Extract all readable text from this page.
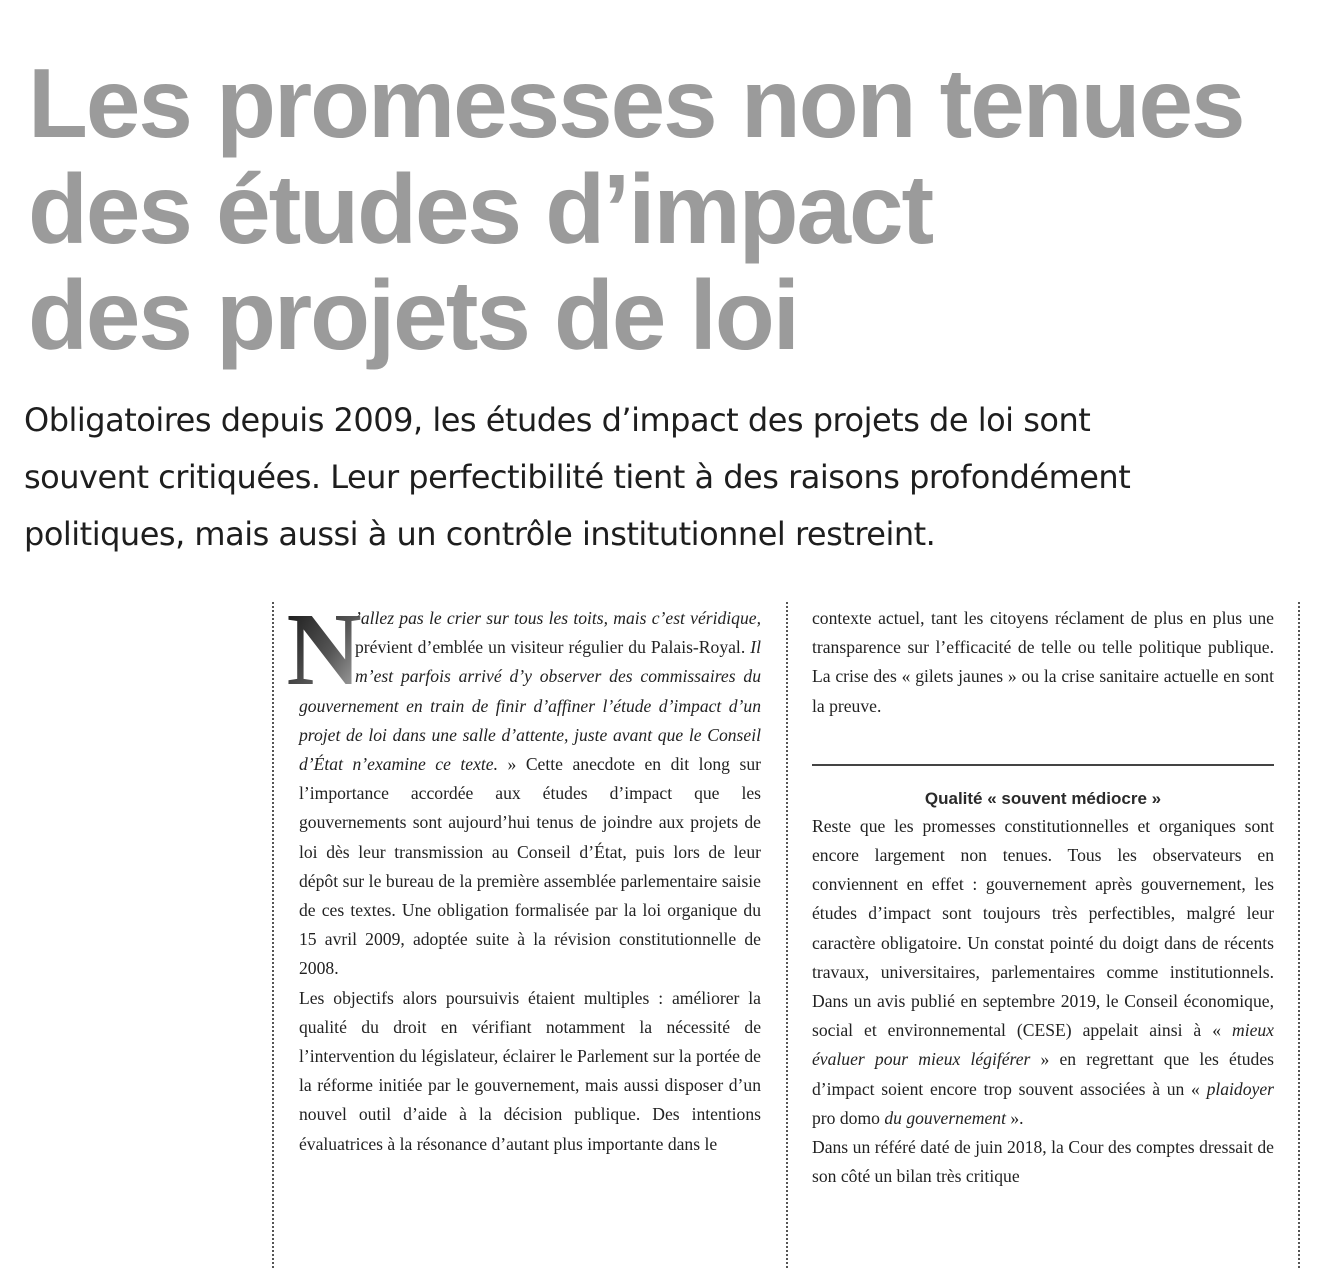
Les promesses non tenues
des études d’impact
des projets de loi

Obligatoires depuis 2009, les études d’impact des projets de loi sont
souvent critiquées. Leur perfectibilité tient à des raisons profondément
politiques, mais aussi à un contrôle institutionnel restreint.

N
’allez pas le crier sur tous les toits, mais c’est véridique, prévient d’emblée un visiteur régulier du Palais-Royal. Il m’est parfois arrivé d’y observer des commissaires du gouvernement en train de finir d’affiner l’étude d’impact d’un projet de loi dans une salle d’attente, juste avant que le Conseil d’État n’examine ce texte. » Cette anecdote en dit long sur l’importance accordée aux études d’impact que les gouvernements sont aujourd’hui tenus de joindre aux projets de loi dès leur transmission au Conseil d’État, puis lors de leur dépôt sur le bureau de la première assemblée parlementaire saisie de ces textes. Une obligation formalisée par la loi organique du 15 avril 2009, adoptée suite à la révision constitutionnelle de 2008.

Les objectifs alors poursuivis étaient multiples : améliorer la qualité du droit en vérifiant notamment la nécessité de l’intervention du législateur, éclairer le Parlement sur la portée de la réforme initiée par le gouvernement, mais aussi disposer d’un nouvel outil d’aide à la décision publique. Des intentions évaluatrices à la résonance d’autant plus importante dans le

contexte actuel, tant les citoyens réclament de plus en plus une transparence sur l’efficacité de telle ou telle politique publique. La crise des « gilets jaunes » ou la crise sanitaire actuelle en sont la preuve.

Qualité « souvent médiocre »

Reste que les promesses constitutionnelles et organiques sont encore largement non tenues. Tous les observateurs en conviennent en effet : gouvernement après gouvernement, les études d’impact sont toujours très perfectibles, malgré leur caractère obligatoire. Un constat pointé du doigt dans de récents travaux, universitaires, parlementaires comme institutionnels. Dans un avis publié en septembre 2019, le Conseil économique, social et environnemental (CESE) appelait ainsi à « mieux évaluer pour mieux légiférer » en regrettant que les études d’impact soient encore trop souvent associées à un « plaidoyer pro domo du gouvernement ».

Dans un référé daté de juin 2018, la Cour des comptes dressait de son côté un bilan très critique
